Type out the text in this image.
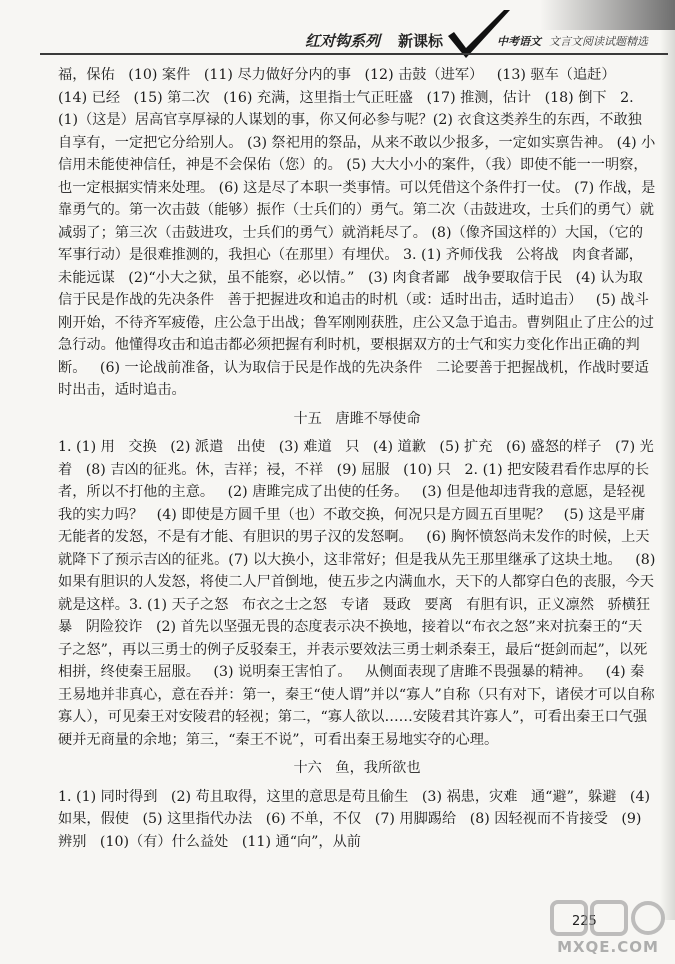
红对钩系列 新课标	中考语文 文言文阅读试题精选

福，保佑   (10) 案件   (11) 尽力做好分内的事   (12) 击鼓（进军）   (13) 驱车（追赶）   (14) 已经   (15) 第二次   (16) 充满，这里指士气正旺盛   (17) 推测，估计   (18) 倒下   2. (1)（这是）居高官享厚禄的人谋划的事，你又何必参与呢？(2) 衣食这类养生的东西，不敢独自享有，一定把它分给别人。 (3) 祭祀用的祭品，从来不敢以少报多，一定如实禀告神。 (4) 小信用未能使神信任，神是不会保佑（您）的。 (5) 大大小小的案件，（我）即使不能一一明察，也一定根据实情来处理。 (6) 这是尽了本职一类事情。可以凭借这个条件打一仗。 (7) 作战，是靠勇气的。第一次击鼓（能够）振作（士兵们的）勇气。第二次（击鼓进攻，士兵们的勇气）就减弱了；第三次（击鼓进攻，士兵们的勇气）就消耗尽了。 (8)（像齐国这样的）大国，（它的军事行动）是很难推测的，我担心（在那里）有埋伏。 3. (1) 齐师伐我   公将战   肉食者鄙，未能远谋   (2)“小大之狱，虽不能察，必以情。”   (3) 肉食者鄙   战争要取信于民   (4) 认为取信于民是作战的先决条件   善于把握进攻和追击的时机（或：适时出击，适时追击）   (5) 战斗刚开始，不待齐军疲倦，庄公急于出战；鲁军刚刚获胜，庄公又急于追击。曹刿阻止了庄公的过急行动。他懂得攻击和追击都必须把握有利时机，要根据双方的士气和实力变化作出正确的判断。   (6) 一论战前准备，认为取信于民是作战的先决条件   二论要善于把握战机，作战时要适时出击，适时追击。

十五   唐雎不辱使命

1. (1) 用   交换   (2) 派遣   出使   (3) 难道   只   (4) 道歉   (5) 扩充   (6) 盛怒的样子   (7) 光着   (8) 吉凶的征兆。休，吉祥；祲，不祥   (9) 屈服   (10) 只   2. (1) 把安陵君看作忠厚的长者，所以不打他的主意。   (2) 唐雎完成了出使的任务。   (3) 但是他却违背我的意愿，是轻视我的实力吗？   (4) 即使是方圆千里（也）不敢交换，何况只是方圆五百里呢？   (5) 这是平庸无能者的发怒，不是有才能、有胆识的男子汉的发怒啊。   (6) 胸怀愤怒尚未发作的时候，上天就降下了预示吉凶的征兆。(7) 以大换小，这非常好；但是我从先王那里继承了这块土地。   (8) 如果有胆识的人发怒，将使二人尸首倒地，使五步之内满血水，天下的人都穿白色的丧服，今天就是这样。3. (1) 天子之怒   布衣之士之怒   专诸   聂政   要离   有胆有识，正义凛然   骄横狂暴   阴险狡诈   (2) 首先以坚强无畏的态度表示决不换地，接着以“布衣之怒”来对抗秦王的“天子之怒”，再以三勇士的例子反驳秦王，并表示要效法三勇士刺杀秦王，最后“挺剑而起”，以死相拼，终使秦王屈服。   (3) 说明秦王害怕了。   从侧面表现了唐雎不畏强暴的精神。   (4) 秦王易地并非真心，意在吞并：第一，秦王“使人谓”并以“寡人”自称（只有对下，诸侯才可以自称寡人），可见秦王对安陵君的轻视；第二，“寡人欲以……安陵君其许寡人”，可看出秦王口气强硬并无商量的余地；第三，“秦王不说”，可看出秦王易地实夺的心理。

十六   鱼，我所欲也

1. (1) 同时得到   (2) 苟且取得，这里的意思是苟且偷生   (3) 祸患，灾难   通“避”，躲避   (4) 如果，假使   (5) 这里指代办法   (6) 不单，不仅   (7) 用脚踢给   (8) 因轻视而不肯接受   (9) 辨别   (10)（有）什么益处   (11) 通“向”，从前

225
MXQE.COM
